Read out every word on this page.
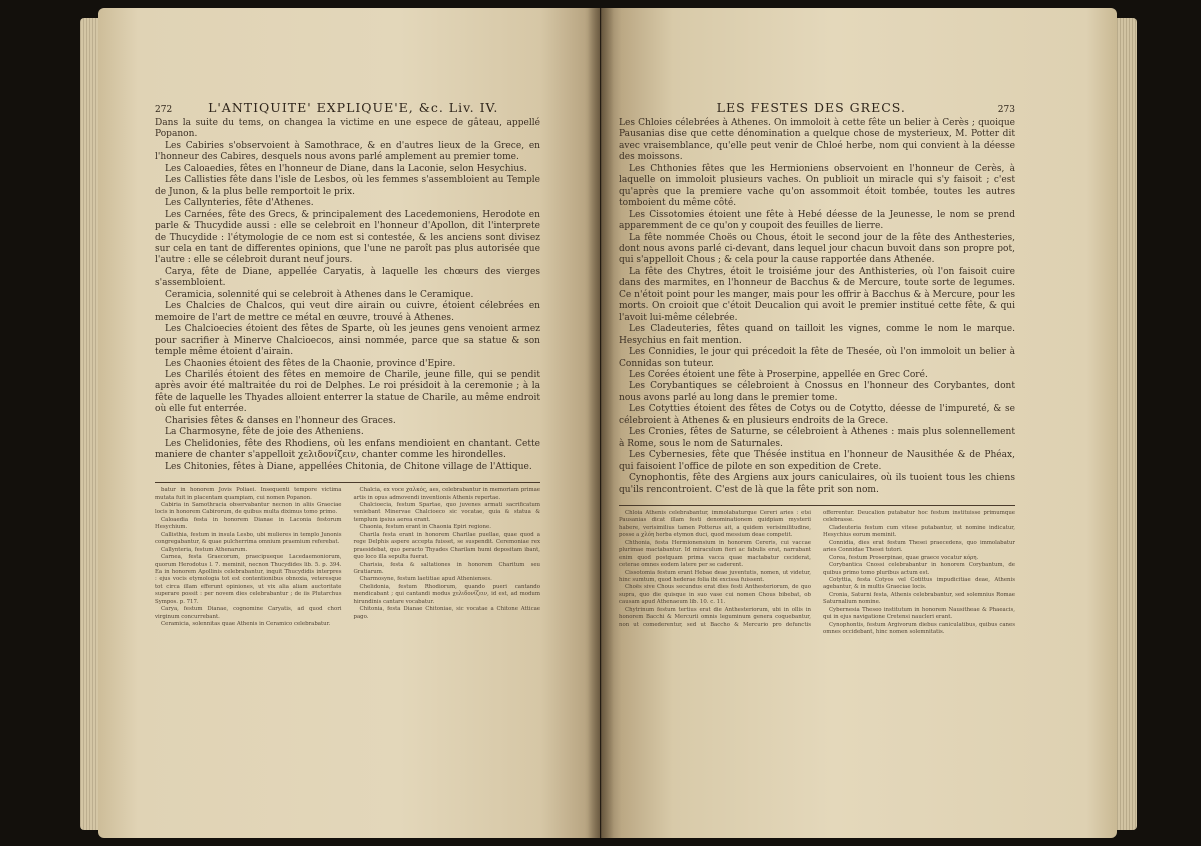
272	L'ANTIQUITE' EXPLIQUE'E, &c. Liv. IV.

Dans la suite du tems, on changea la victime en une espece de gâteau, appellé Popanon.

Les Cabiries s'observoient à Samothrace, & en d'autres lieux de la Grece, en l'honneur des Cabires, desquels nous avons parlé amplement au premier tome.

Les Caloaedies, fêtes en l'honneur de Diane, dans la Laconie, selon Hesychius.

Les Callisties fête dans l'isle de Lesbos, où les femmes s'assembloient au Temple de Junon, & la plus belle remportoit le prix.

Les Callynteries, fête d'Athenes.

Les Carnées, fête des Grecs, & principalement des Lacedemoniens, Herodote en parle & Thucydide aussi : elle se celebroit en l'honneur d'Apollon, dit l'interprete de Thucydide : l'étymologie de ce nom est si contestée, & les anciens sont divisez sur cela en tant de differentes opinions, que l'une ne paroît pas plus autorisée que l'autre : elle se célebroit durant neuf jours.

Carya, fête de Diane, appellée Caryatis, à laquelle les chœurs des vierges s'assembloient.

Ceramicia, solennité qui se celebroit à Athenes dans le Ceramique.

Les Chalcies de Chalcos, qui veut dire airain ou cuivre, étoient célebrées en memoire de l'art de mettre ce métal en œuvre, trouvé à Athenes.

Les Chalcioecies étoient des fêtes de Sparte, où les jeunes gens venoient armez pour sacrifier à Minerve Chalcioecos, ainsi nommée, parce que sa statue & son temple même étoient d'airain.

Les Chaonies étoient des fêtes de la Chaonie, province d'Epire.

Les Charilés étoient des fêtes en memoire de Charile, jeune fille, qui se pendit après avoir été maltraitée du roi de Delphes. Le roi présidoit à la ceremonie ; à la fête de laquelle les Thyades alloient enterrer la statue de Charile, au même endroit où elle fut enterrée.

Charisies fêtes & danses en l'honneur des Graces.

La Charmosyne, fête de joie des Atheniens.

Les Chelidonies, fête des Rhodiens, où les enfans mendioient en chantant. Cette maniere de chanter s'appelloit χελιδονίζειν, chanter comme les hirondelles.

Les Chitonies, fêtes à Diane, appellées Chitonia, de Chitone village de l'Attique.

batur in honorem Jovis Poliaei. Insequenti tempore victima mutata fuit in placentam quampiam, cui nomen Popanon.

Cabiria in Samothracia observabantur necnon in aliis Graeciae locis in honorem Cabirorum, de quibus multa diximus tomo primo.

Caloaedia festa in honorem Dianae in Laconia festorum Hesychium.

Callisthia, festum in insula Lesbo, ubi mulieres in templo Junonis congregabantur, & quae pulcherrima omnium praemium referebat.

Callynteria, festum Athenarum.

Carnea, festa Graecorum, praecipueque Lacedaemoniorum, quorum Herodotus l. 7. meminit, necnon Thucydides lib. 5. p. 394. Ea in honorem Apollinis celebrabantur, inquit Thucydidis interpres : ejus vocis etymologia tot est contentionibus obnoxia, veteresque tot circa illam efferunt opiniones, ut vix alia aliam auctoritate superare possit : per novem dies celebrabantur ; de iis Plutarchus Sympos. p. 717.

Carya, festum Dianae, cognomine Caryatis, ad quod chori virginum concurrebant.

Ceramicia, solennitas quae Athenis in Ceramico celebrabatur.

Chalcia, ex voce χαλκός, aes, celebrabantur in memoriam primae artis in opus admovendi inventionis Athenis repertae.

Chalcioecia, festum Spartae, quo juvenes armati sacrificatum veniebant Minervae Chalcioeco sic vocatae, quia & statua & templum ipsius aerea erant.

Chaonia, festum erant in Chaonia Epiri regione.

Charila festa erant in honorem Charilae puellae, quae quod a rege Delphis aspere accepta fuisset, se suspendit. Ceremoniae rex praesidebat, quo peracto Thyades Charilam humi depositam ibant, quo loco illa sepulta fuerat.

Charisia, festa & saltationes in honorem Charitum seu Gratiarum.

Charmosyne, festum laetitiae apud Athenienses.

Chelidonia, festum Rhodiorum, quando pueri cantando mendicabant ; qui cantandi modus χελιδονίζειν, id est, ad modum hirundinis cantare vocabatur.

Chitonia, festa Dianae Chitoniae, sic vocatae a Chitone Atticae pago.

LES FESTES DES GRECS.	273

Les Chloies célebrées à Athenes. On immoloit à cette fête un belier à Cerès ; quoique Pausanias dise que cette dénomination a quelque chose de mysterieux, M. Potter dit avec vraisemblance, qu'elle peut venir de Chloé herbe, nom qui convient à la déesse des moissons.

Les Chthonies fêtes que les Hermioniens observoient en l'honneur de Cerès, à laquelle on immoloit plusieurs vaches. On publioit un miracle qui s'y faisoit ; c'est qu'après que la premiere vache qu'on assommoit étoit tombée, toutes les autres tomboient du même côté.

Les Cissotomies étoient une fête à Hebé déesse de la Jeunesse, le nom se prend apparemment de ce qu'on y coupoit des feuilles de lierre.

La fête nommée Choës ou Chous, étoit le second jour de la fête des Anthesteries, dont nous avons parlé ci-devant, dans lequel jour chacun buvoit dans son propre pot, qui s'appelloit Chous ; & cela pour la cause rapportée dans Athenée.

La fête des Chytres, étoit le troisiéme jour des Anthisteries, où l'on faisoit cuire dans des marmites, en l'honneur de Bacchus & de Mercure, toute sorte de legumes. Ce n'étoit point pour les manger, mais pour les offrir à Bacchus & à Mercure, pour les morts. On croioit que c'étoit Deucalion qui avoit le premier institué cette fête, & qui l'avoit lui-même célebrée.

Les Cladeuteries, fêtes quand on tailloit les vignes, comme le nom le marque. Hesychius en fait mention.

Les Connidies, le jour qui précedoit la fête de Thesée, où l'on immoloit un belier à Connidas son tuteur.

Les Corées étoient une fête à Proserpine, appellée en Grec Coré.

Les Corybantiques se célebroient à Cnossus en l'honneur des Corybantes, dont nous avons parlé au long dans le premier tome.

Les Cotytties étoient des fêtes de Cotys ou de Cotytto, déesse de l'impureté, & se célebroient à Athenes & en plusieurs endroits de la Grece.

Les Cronies, fêtes de Saturne, se célebroient à Athenes : mais plus solennellement à Rome, sous le nom de Saturnales.

Les Cybernesies, fête que Thésée institua en l'honneur de Nausithée & de Phéax, qui faisoient l'office de pilote en son expedition de Crete.

Cynophontis, fête des Argiens aux jours caniculaires, où ils tuoient tous les chiens qu'ils rencontroient. C'est de là que la fête prit son nom.

Chloia Athenis celebrabantur, immolabaturque Cereri aries : etsi Pausanias dicat illam festi denominationem quidpiam mysterii habere, verisimilius tamen Potterus ait, a quidem verisimilitudine, posse a χλόη herba etymon duci, quod messium deae competit.

Chthonia, festa Hermionensium in honorem Cereris, cui vaccae plurimae mactabantur. Id miraculum fieri ac fabulis erat, narrabant enim quod postquam prima vacca quae mactabatur ceciderat, ceterae omnes eodem latere per se caderent.

Cissotomia festum erant Hebae deae juventutis, nomen, ut videtur, hinc sumtum, quod hederae folia ibi excissa fuissent.

Choës sive Chous secundus erat dies festi Anthesteriorum, de quo supra, quo die quisque in suo vase cui nomen Chous bibebat, ob causam apud Athenaeum lib. 10. c. 11.

Chytrinum festum tertius erat die Anthesteriorum, ubi in ollis in honorem Bacchi & Mercurii omnis leguminum genera coquebantur, non ut comederentur, sed ut Baccho & Mercurio pro defunctis offerrentur. Deucalion putabatur hoc festum instituisse primumque celebrasse.

Cladeuteria festum cum vitese putabantur, ut nomine indicatur, Hesychius eorum meminit.

Connidia, dies erat festum Thesei praecedens, quo immolabatur aries Connidae Thesei tutori.

Corea, festum Proserpinae, quae graece vocatur κόρη.

Corybantica Cnossi celebrabantur in honorem Corybantum, de quibus primo tomo pluribus actum est.

Cotyttia, festa Cotyos vel Cotittus impudicitiae deae, Athenis agebantur, & in multis Graeciae locis.

Cronia, Saturni festa, Athenis celebrabantur, sed solemnius Romae Saturnalium nomine.

Cybernesia Theseo institutum in honorem Nausitheae & Phaeacis, qui in ejus navigatione Cretensi naucleri erant.

Cynophontis, festum Argivorum diebus caniculatibus, quibus canes omnes occidebant, hinc nomen solemnitatis.
